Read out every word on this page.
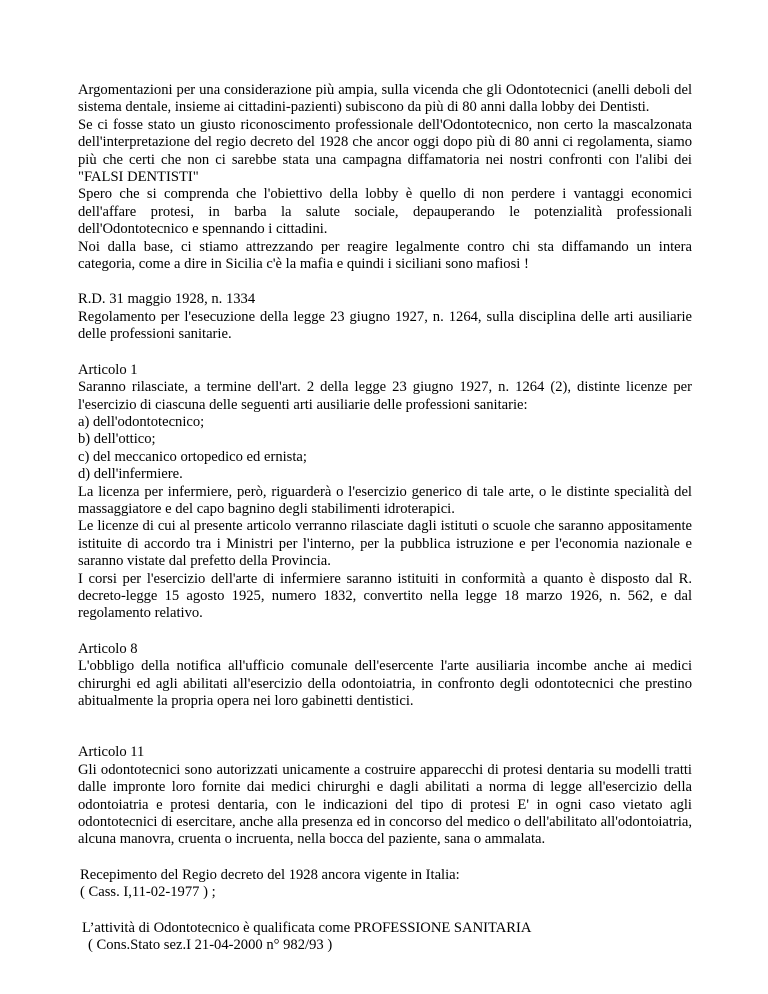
Argomentazioni per una considerazione più ampia, sulla vicenda che gli Odontotecnici (anelli deboli del sistema dentale, insieme ai cittadini-pazienti) subiscono da più di 80 anni dalla lobby dei Dentisti.

Se ci fosse stato un giusto riconoscimento professionale dell'Odontotecnico, non certo la mascalzonata dell'interpretazione del regio decreto del 1928 che ancor oggi dopo più di 80 anni ci regolamenta, siamo più che certi che non ci sarebbe stata una campagna diffamatoria nei nostri confronti con l'alibi dei "FALSI DENTISTI"

Spero che si comprenda che l'obiettivo della lobby è quello di non perdere i vantaggi economici dell'affare protesi, in barba la salute sociale, depauperando le potenzialità professionali dell'Odontotecnico e spennando i cittadini.

Noi dalla base, ci stiamo attrezzando per reagire legalmente contro chi sta diffamando un intera categoria, come a dire in Sicilia c'è la mafia e quindi i siciliani sono mafiosi !

R.D. 31 maggio 1928, n. 1334

Regolamento per l'esecuzione della legge 23 giugno 1927, n. 1264, sulla disciplina delle arti ausiliarie delle professioni sanitarie.

Articolo 1

Saranno rilasciate, a termine dell'art. 2 della legge 23 giugno 1927, n. 1264 (2), distinte licenze per l'esercizio di ciascuna delle seguenti arti ausiliarie delle professioni sanitarie:

a) dell'odontotecnico;

b) dell'ottico;

c) del meccanico ortopedico ed ernista;

d) dell'infermiere.

La licenza per infermiere, però, riguarderà o l'esercizio generico di tale arte, o le distinte specialità del massaggiatore e del capo bagnino degli stabilimenti idroterapici.

Le licenze di cui al presente articolo verranno rilasciate dagli istituti o scuole che saranno appositamente istituite di accordo tra i Ministri per l'interno, per la pubblica istruzione e per l'economia nazionale e saranno vistate dal prefetto della Provincia.

I corsi per l'esercizio dell'arte di infermiere saranno istituiti in conformità a quanto è disposto dal R. decreto-legge 15 agosto 1925, numero 1832, convertito nella legge 18 marzo 1926, n. 562, e dal regolamento relativo.

Articolo 8

L'obbligo della notifica all'ufficio comunale dell'esercente l'arte ausiliaria incombe anche ai medici chirurghi ed agli abilitati all'esercizio della odontoiatria, in confronto degli odontotecnici che prestino abitualmente la propria opera nei loro gabinetti dentistici.

Articolo 11

Gli odontotecnici sono autorizzati unicamente a costruire apparecchi di protesi dentaria su modelli tratti dalle impronte loro fornite dai medici chirurghi e dagli abilitati a norma di legge all'esercizio della odontoiatria e protesi dentaria, con le indicazioni del tipo di protesi E' in ogni caso vietato agli odontotecnici di esercitare, anche alla presenza ed in concorso del medico o dell'abilitato all'odontoiatria, alcuna manovra, cruenta o incruenta, nella bocca del paziente, sana o ammalata.

Recepimento del Regio decreto del 1928 ancora vigente in Italia:

( Cass. I,11-02-1977 ) ;

L’attività di Odontotecnico è qualificata come PROFESSIONE SANITARIA

( Cons.Stato sez.I 21-04-2000 n° 982/93 )
